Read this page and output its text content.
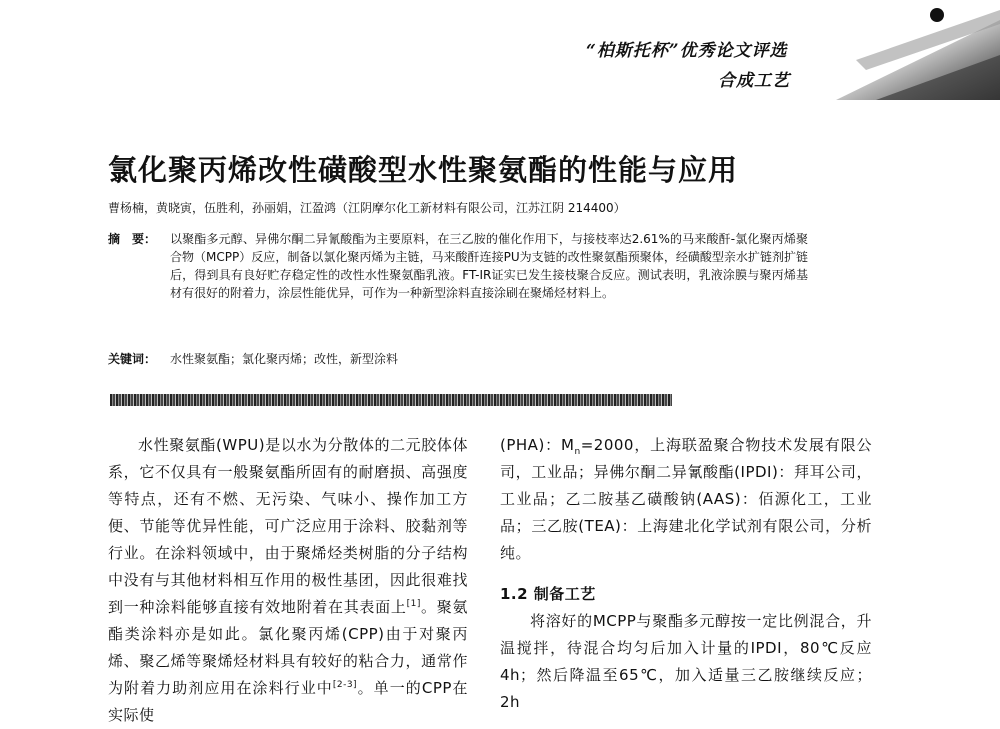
“柏斯托杯”优秀论文评选
合成工艺
氯化聚丙烯改性磺酸型水性聚氨酯的性能与应用
曹杨楠，黄晓寅，伍胜利，孙丽娟，江盈鸿（江阴摩尔化工新材料有限公司，江苏江阴 214400）
摘　要： 以聚酯多元醇、异佛尔酮二异氰酸酯为主要原料，在三乙胺的催化作用下，与接枝率达2.61%的马来酸酐-氯化聚丙烯聚合物（MCPP）反应，制备以氯化聚丙烯为主链，马来酸酐连接PU为支链的改性聚氨酯预聚体，经磺酸型亲水扩链剂扩链后，得到具有良好贮存稳定性的改性水性聚氨酯乳液。FT-IR证实已发生接枝聚合反应。测试表明，乳液涂膜与聚丙烯基材有很好的附着力，涂层性能优异，可作为一种新型涂料直接涂刷在聚烯烃材料上。
关键词： 水性聚氨酯；氯化聚丙烯；改性，新型涂料

水性聚氨酯(WPU)是以水为分散体的二元胶体体系，它不仅具有一般聚氨酯所固有的耐磨损、高强度等特点，还有不燃、无污染、气味小、操作加工方便、节能等优异性能，可广泛应用于涂料、胶黏剂等行业。在涂料领域中，由于聚烯烃类树脂的分子结构中没有与其他材料相互作用的极性基团，因此很难找到一种涂料能够直接有效地附着在其表面上[1]。聚氨酯类涂料亦是如此。氯化聚丙烯(CPP)由于对聚丙烯、聚乙烯等聚烯烃材料具有较好的粘合力，通常作为附着力助剂应用在涂料行业中[2-3]。单一的CPP在实际使

(PHA)：$M_n=2000$，上海联盈聚合物技术发展有限公司，工业品；异佛尔酮二异氰酸酯(IPDI)：拜耳公司，工业品；乙二胺基乙磺酸钠(AAS)：佰源化工，工业品；三乙胺(TEA)：上海建北化学试剂有限公司，分析纯。

1.2 制备工艺

将溶好的MCPP与聚酯多元醇按一定比例混合，升温搅拌，待混合均匀后加入计量的IPDI，80℃反应4h；然后降温至65℃，加入适量三乙胺继续反应；2h
